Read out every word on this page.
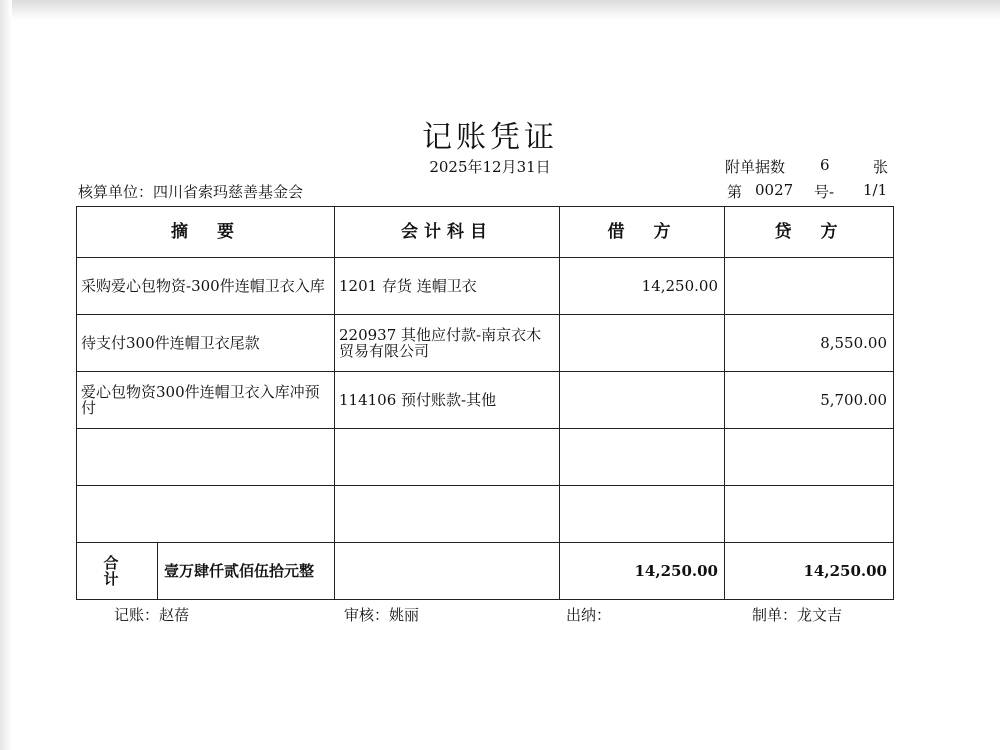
记账凭证
2025年12月31日	附单据数 6	张
核算单位：四川省索玛慈善基金会	第 0027 号- 1/1
摘　要	会计科目	借　方	贷　方
采购爱心包物资-300件连帽卫衣入库	1201 存货 连帽卫衣	14,250.00	
待支付300件连帽卫衣尾款	220937 其他应付款-南京衣木贸易有限公司		8,550.00
爱心包物资300件连帽卫衣入库冲预付	114106 预付账款-其他		5,700.00

合　计 壹万肆仟贰佰伍拾元整		14,250.00	14,250.00
记账：赵蓓	审核：姚丽	出纳：	制单：龙文吉
